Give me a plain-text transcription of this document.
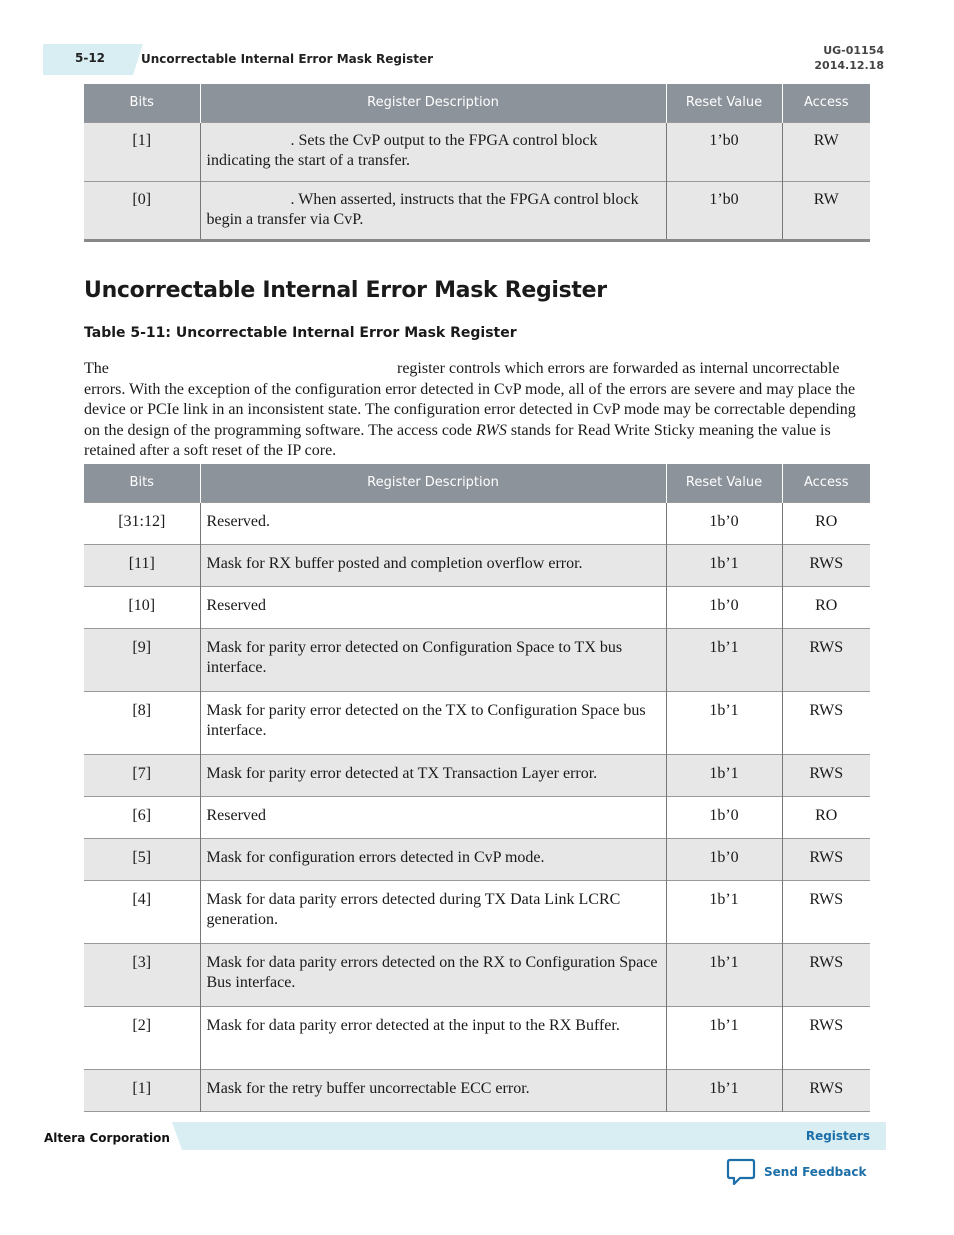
5-12	Uncorrectable Internal Error Mask Register
UG-01154
2014.12.18
Bits	Register Description	Reset Value	Access
[1]	. Sets the CvP output to the FPGA control block indicating the start of a transfer.	1’b0	RW
[0]	. When asserted, instructs that the FPGA control block begin a transfer via CvP.	1’b0	RW
Uncorrectable Internal Error Mask Register
Table 5-11: Uncorrectable Internal Error Mask Register

The	register controls which errors are forwarded as internal uncorrectable errors. With the exception of the configuration error detected in CvP mode, all of the errors are severe and may place the device or PCIe link in an inconsistent state. The configuration error detected in CvP mode may be correctable depending on the design of the programming software. The access code RWS stands for Read Write Sticky meaning the value is retained after a soft reset of the IP core.

Bits	Register Description	Reset Value	Access
[31:12]	Reserved.	1b’0	RO
[11]	Mask for RX buffer posted and completion overflow error.	1b’1	RWS
[10]	Reserved	1b’0	RO
[9]	Mask for parity error detected on Configuration Space to TX bus interface.	1b’1	RWS
[8]	Mask for parity error detected on the TX to Configuration Space bus interface.	1b’1	RWS
[7]	Mask for parity error detected at TX Transaction Layer error.	1b’1	RWS
[6]	Reserved	1b’0	RO
[5]	Mask for configuration errors detected in CvP mode.	1b’0	RWS
[4]	Mask for data parity errors detected during TX Data Link LCRC generation.	1b’1	RWS
[3]	Mask for data parity errors detected on the RX to Configuration Space Bus interface.	1b’1	RWS
[2]	Mask for data parity error detected at the input to the RX Buffer.	1b’1	RWS
[1]	Mask for the retry buffer uncorrectable ECC error.	1b’1	RWS
Altera Corporation	Registers
Send Feedback
